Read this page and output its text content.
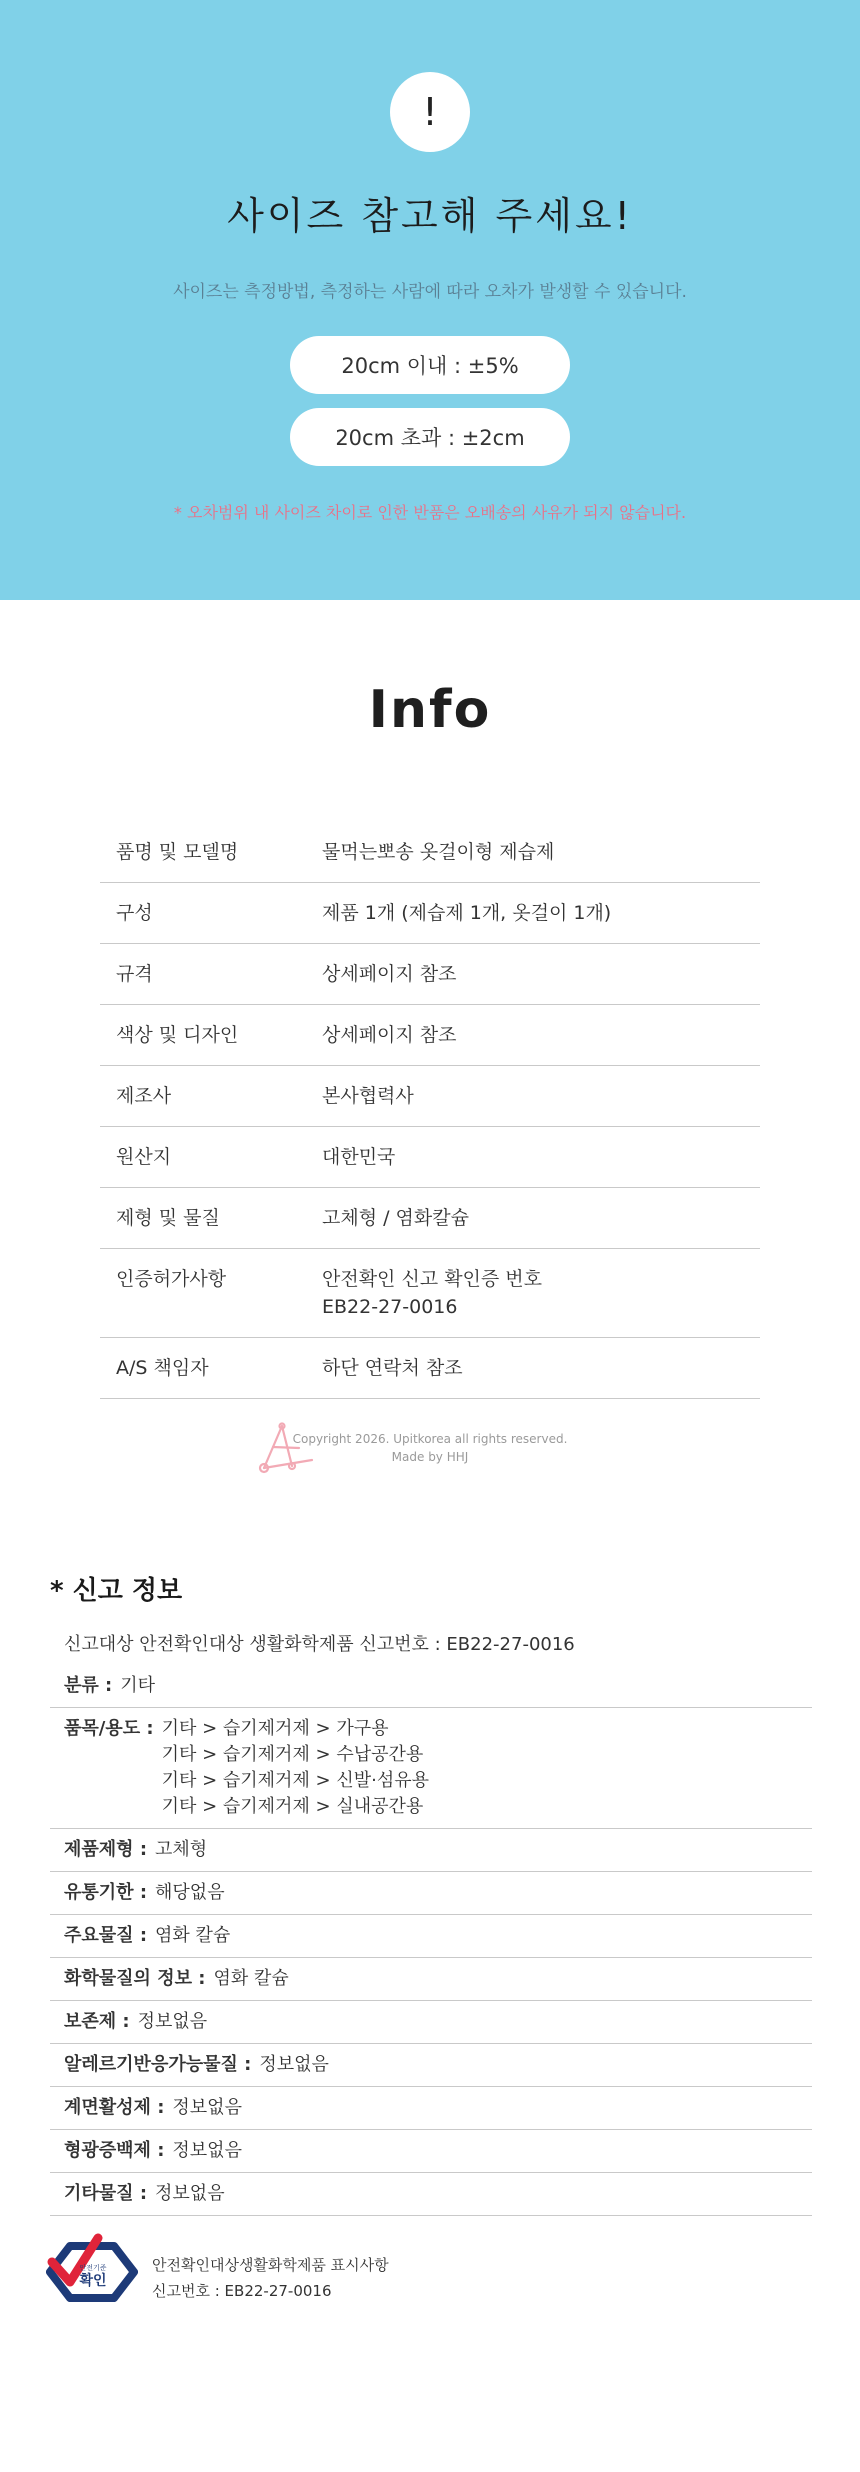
!
사이즈 참고해 주세요!
사이즈는 측정방법, 측정하는 사람에 따라 오차가 발생할 수 있습니다.
20cm 이내 : ±5%
20cm 초과 : ±2cm
* 오차범위 내 사이즈 차이로 인한 반품은 오배송의 사유가 되지 않습니다.
Info
품명 및 모델명	물먹는뽀송 옷걸이형 제습제
구성	제품 1개 (제습제 1개, 옷걸이 1개)
규격	상세페이지 참조
색상 및 디자인	상세페이지 참조
제조사	본사협력사
원산지	대한민국
제형 및 물질	고체형 / 염화칼슘
인증허가사항	안전확인 신고 확인증 번호
EB22-27-0016
A/S 책임자	하단 연락처 참조
Copyright 2026. Upitkorea all rights reserved.
Made by HHJ
* 신고 정보
신고대상 안전확인대상 생활화학제품 신고번호 : EB22-27-0016
분류 : 기타
품목/용도 : 기타 > 습기제거제 > 가구용
기타 > 습기제거제 > 수납공간용
기타 > 습기제거제 > 신발·섬유용
기타 > 습기제거제 > 실내공간용
제품제형 : 고체형
유통기한 : 해당없음
주요물질 : 염화 칼슘
화학물질의 정보 : 염화 칼슘
보존제 : 정보없음
알레르기반응가능물질 : 정보없음
계면활성제 : 정보없음
형광증백제 : 정보없음
기타물질 : 정보없음
안전기준
확인
안전확인대상생활화학제품 표시사항
신고번호 : EB22-27-0016
